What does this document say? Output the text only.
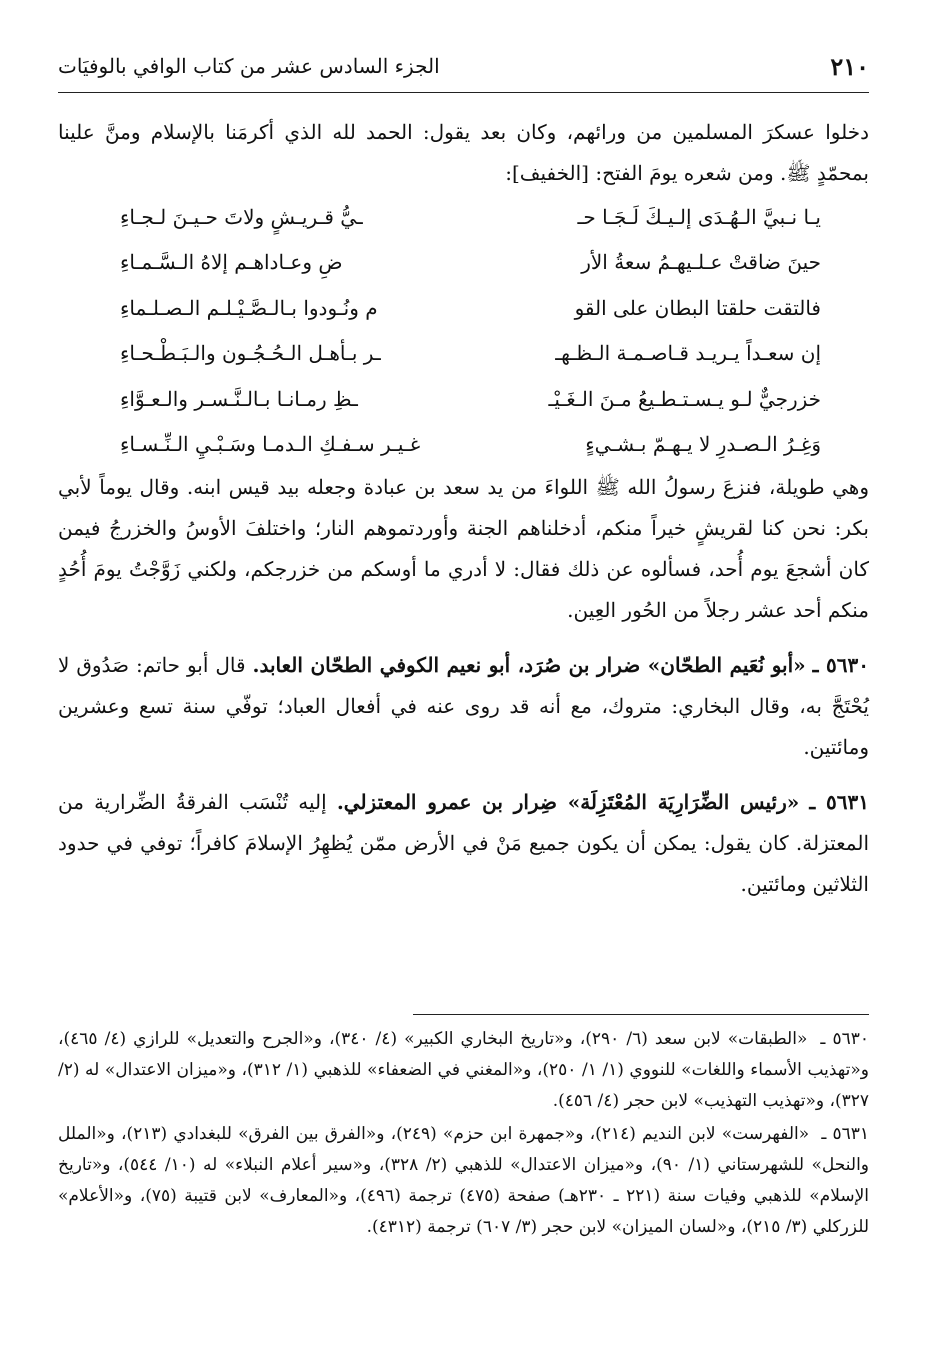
٢١٠
الجزء السادس عشر من كتاب الوافي بالوفيَات

دخلوا عسكرَ المسلمين من ورائهم، وكان بعد يقول: الحمد لله الذي أكرمَنا بالإسلام ومنَّ علينا بمحمّدٍ ﷺ. ومن شعره يومَ الفتح: [الخفيف]:

يـا نـبيَّ الـهُـدَى إلـيـكَ لَـجَـا حـ
ـيُّ قـريـشٍ ولاتَ حـيـنَ لـجـاءِ
حينَ ضاقتْ عـلـيهـمُ سعةُ الأر
ضِ وعـاداهـم إلاهُ الـسَّـمـاءِ
فالتقت حلقتا البطان على القو
م ونُـودوا بـالـصَّـيْـلـم الـصـلـماءِ
إن سعـداً يـريـد قـاصـمـة الـظـهـ
ـر بـأهـل الـحُـجُـون والـبَـطْـحـاءِ
خزرجيٌّ لـو يـسـتـطـيعُ مـنَ الـغَـيْـ
ـظِ رمـانـا بـالـنَّـسـر والـعـوَّاءِ
وَغِـرُ الـصـدرِ لا يـهـمّ بـشـيءٍ
غـيـر سـفـكِ الـدمـا وسَـبْـيِ الـنِّـسـاءِ

وهي طويلة، فنزعَ رسولُ الله ﷺ اللواءَ من يد سعد بن عبادة وجعله بيد قيس ابنه. وقال يوماً لأبي بكر: نحن كنا لقريشٍ خيراً منكم، أدخلناهم الجنة وأوردتموهم النار؛ واختلفَ الأوسُ والخزرجُ فيمن كان أشجعَ يوم أُحد، فسألوه عن ذلك فقال: لا أدري ما أوسكم من خزرجكم، ولكني زَوَّجْتُ يومَ أُحُدٍ منكم أحد عشر رجلاً من الحُور العِين.

٥٦٣٠ ـ «أبو نُعَيم الطحّان» ضرار بن صُرَد، أبو نعيم الكوفي الطحّان العابد. قال أبو حاتم: صَدُوق لا يُحْتَجَّ به، وقال البخاري: متروك، مع أنه قد روى عنه في أفعال العباد؛ توفّي سنة تسع وعشرين ومائتين.

٥٦٣١ ـ «رئيس الضِّرَارِيَة المُعْتَزِلَة» ضِرار بن عمرو المعتزلي. إليه تُنْسَب الفرقةُ الضِّرارية من المعتزلة. كان يقول: يمكن أن يكون جميع مَنْ في الأرض ممّن يُظهِرُ الإسلامَ كافراً؛ توفي في حدود الثلاثين ومائتين.

٥٦٣٠ ـ «الطبقات» لابن سعد (٦/ ٢٩٠)، و«تاريخ البخاري الكبير» (٤/ ٣٤٠)، و«الجرح والتعديل» للرازي (٤/ ٤٦٥)، و«تهذيب الأسماء واللغات» للنووي (١/ ١/ ٢٥٠)، و«المغني في الضعفاء» للذهبي (١/ ٣١٢)، و«ميزان الاعتدال» له (٢/ ٣٢٧)، و«تهذيب التهذيب» لابن حجر (٤/ ٤٥٦).

٥٦٣١ ـ «الفهرست» لابن النديم (٢١٤)، و«جمهرة ابن حزم» (٢٤٩)، و«الفرق بين الفرق» للبغدادي (٢١٣)، و«الملل والنحل» للشهرستاني (١/ ٩٠)، و«ميزان الاعتدال» للذهبي (٢/ ٣٢٨)، و«سير أعلام النبلاء» له (١٠/ ٥٤٤)، و«تاريخ الإسلام» للذهبي وفيات سنة (٢٢١ ـ ٢٣٠هـ) صفحة (٤٧٥) ترجمة (٤٩٦)، و«المعارف» لابن قتيبة (٧٥)، و«الأعلام» للزركلي (٣/ ٢١٥)، و«لسان الميزان» لابن حجر (٣/ ٦٠٧) ترجمة (٤٣١٢).
